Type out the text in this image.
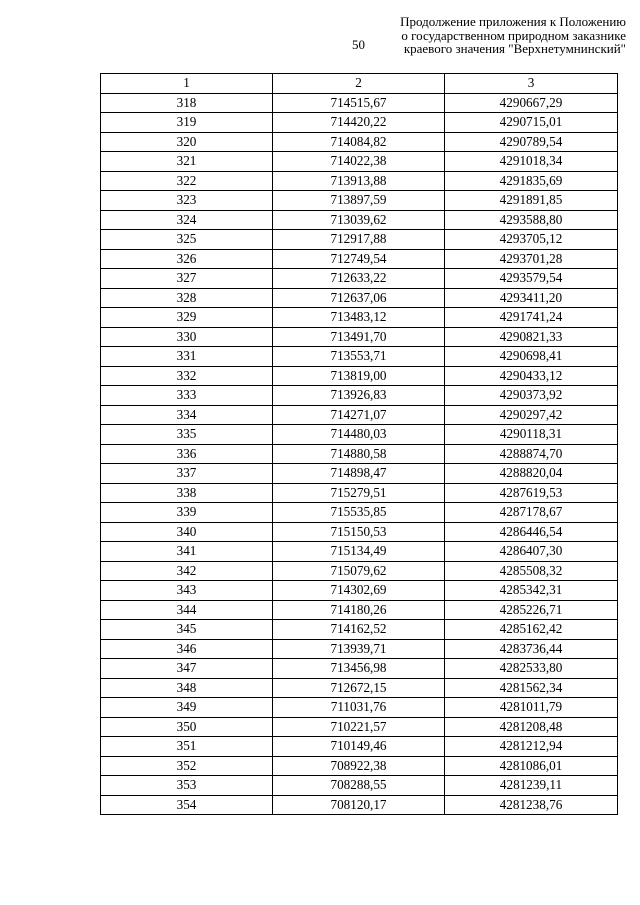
50
Продолжение приложения к Положению
о государственном природном заказнике
краевого значения "Верхнетумнинский"
1	2	3
318	714515,67	4290667,29
319	714420,22	4290715,01
320	714084,82	4290789,54
321	714022,38	4291018,34
322	713913,88	4291835,69
323	713897,59	4291891,85
324	713039,62	4293588,80
325	712917,88	4293705,12
326	712749,54	4293701,28
327	712633,22	4293579,54
328	712637,06	4293411,20
329	713483,12	4291741,24
330	713491,70	4290821,33
331	713553,71	4290698,41
332	713819,00	4290433,12
333	713926,83	4290373,92
334	714271,07	4290297,42
335	714480,03	4290118,31
336	714880,58	4288874,70
337	714898,47	4288820,04
338	715279,51	4287619,53
339	715535,85	4287178,67
340	715150,53	4286446,54
341	715134,49	4286407,30
342	715079,62	4285508,32
343	714302,69	4285342,31
344	714180,26	4285226,71
345	714162,52	4285162,42
346	713939,71	4283736,44
347	713456,98	4282533,80
348	712672,15	4281562,34
349	711031,76	4281011,79
350	710221,57	4281208,48
351	710149,46	4281212,94
352	708922,38	4281086,01
353	708288,55	4281239,11
354	708120,17	4281238,76
